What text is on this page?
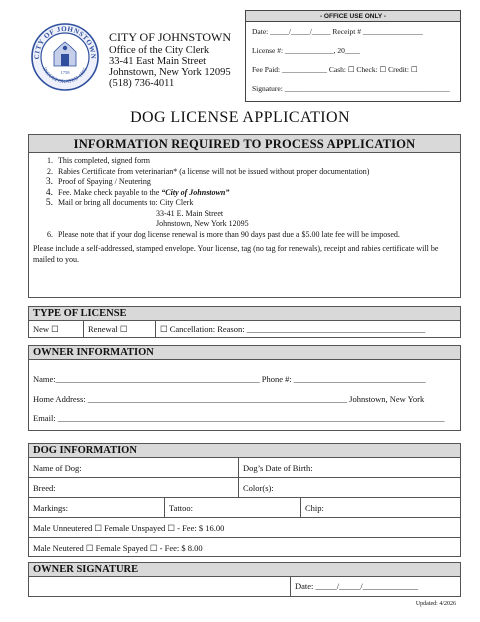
CITY OF JOHNSTOWN
INCORPORATED 1895
1758
CITY OF JOHNSTOWN
Office of the City Clerk
33-41 East Main Street
Johnstown, New York 12095
(518) 736-4011
- OFFICE USE ONLY -
Date: _____/_____/_____ Receipt # ________________
License #: _____________, 20____
Fee Paid: ____________ Cash: ☐ Check: ☐ Credit: ☐
Signature: ____________________________________________
DOG LICENSE APPLICATION
INFORMATION REQUIRED TO PROCESS APPLICATION
1. This completed, signed form
2. Rabies Certificate from veterinarian* (a license will not be issued without proper documentation)
3. Proof of Spaying / Neutering
4. Fee. Make check payable to the “City of Johnstown”
5. Mail or bring all documents to: City Clerk
33-41 E. Main Street
Johnstown, New York 12095
6. Please note that if your dog license renewal is more than 90 days past due a $5.00 late fee will be imposed.
Please include a self-addressed, stamped envelope. Your license, tag (no tag for renewals), receipt and rabies certificate will be mailed to you.
TYPE OF LICENSE
New ☐	Renewal ☐	☐ Cancellation: Reason: __________________________________________
OWNER INFORMATION
Name:________________________________________________ Phone #: _______________________________
Home Address: _____________________________________________________________ Johnstown, New York
Email: ___________________________________________________________________________________________
DOG INFORMATION
Name of Dog:	Dog’s Date of Birth:
Breed:	Color(s):
Markings:	Tattoo:	Chip:
Male Unneutered ☐ Female Unspayed ☐ - Fee: $ 16.00
Male Neutered ☐ Female Spayed ☐ - Fee: $ 8.00
OWNER SIGNATURE
Date: _____/_____/_____________
Updated: 4/2026
